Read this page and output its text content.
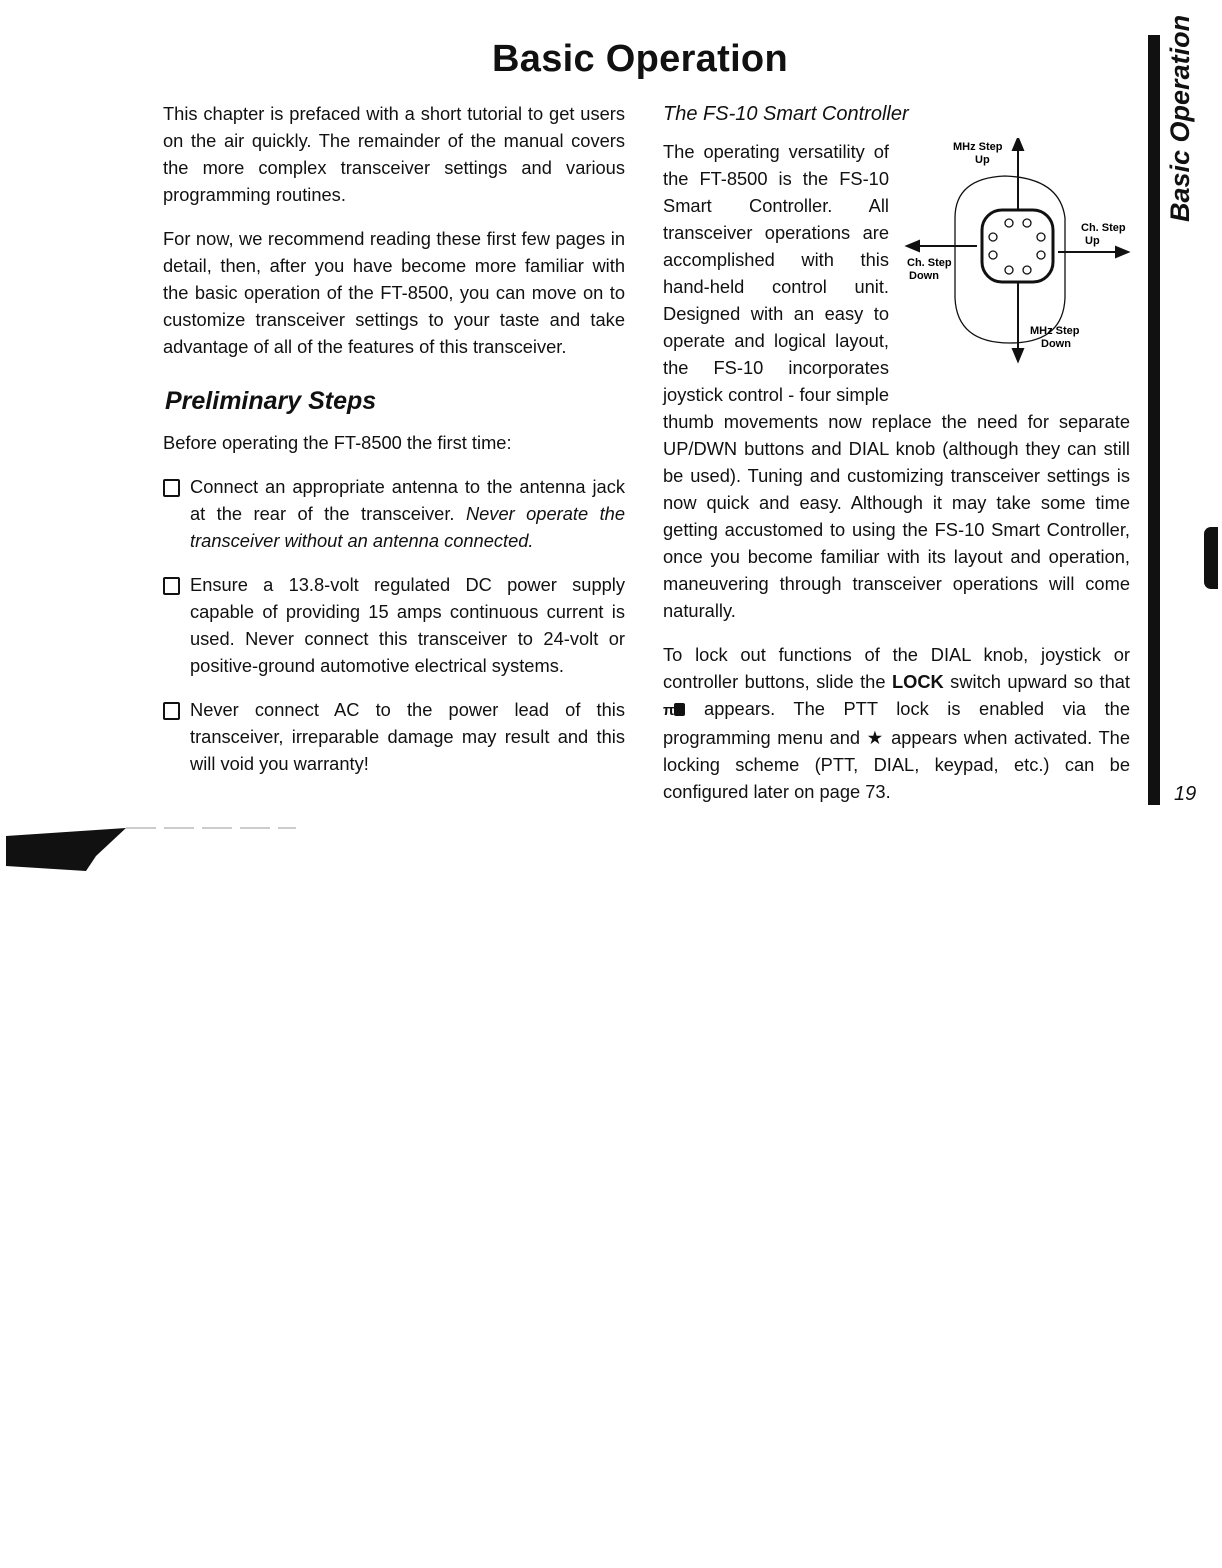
Basic Operation

This chapter is prefaced with a short tutorial to get users on the air quickly. The remainder of the manual covers the more complex transceiver settings and various programming routines.

For now, we recommend reading these first few pages in detail, then, after you have become more familiar with the basic operation of the FT-8500, you can move on to customize transceiver settings to your taste and take advantage of all of the features of this transceiver.

Preliminary Steps

Before operating the FT-8500 the first time:

Connect an appropriate antenna to the antenna jack at the rear of the transceiver. Never operate the transceiver without an antenna connected.
Ensure a 13.8-volt regulated DC power supply capable of providing 15 amps continuous current is used. Never connect this transceiver to 24-volt or positive-ground automotive electrical systems.
Never connect AC to the power lead of this transceiver, irreparable damage may result and this will void you warranty!
The FS-10 Smart Controller

MHz Step
Up
Ch. Step
Up
Ch. Step
Down
MHz Step
Down
The operating versatility of the FT-8500 is the FS-10 Smart Controller. All transceiver operations are accomplished with this hand-held control unit. Designed with an easy to operate and logical layout, the FS-10 incorporates joystick control - four simple thumb movements now replace the need for separate UP/DWN buttons and DIAL knob (although they can still be used). Tuning and customizing transceiver settings is now quick and easy. Although it may take some time getting accustomed to using the FS-10 Smart Controller, once you become familiar with its layout and operation, maneuvering through transceiver operations will come naturally.

To lock out functions of the DIAL knob, joystick or controller buttons, slide the LOCK switch upward so that π appears. The PTT lock is enabled via the programming menu and ★ appears when activated. The locking scheme (PTT, DIAL, keypad, etc.) can be configured later on page 73.

Basic Operation
19
